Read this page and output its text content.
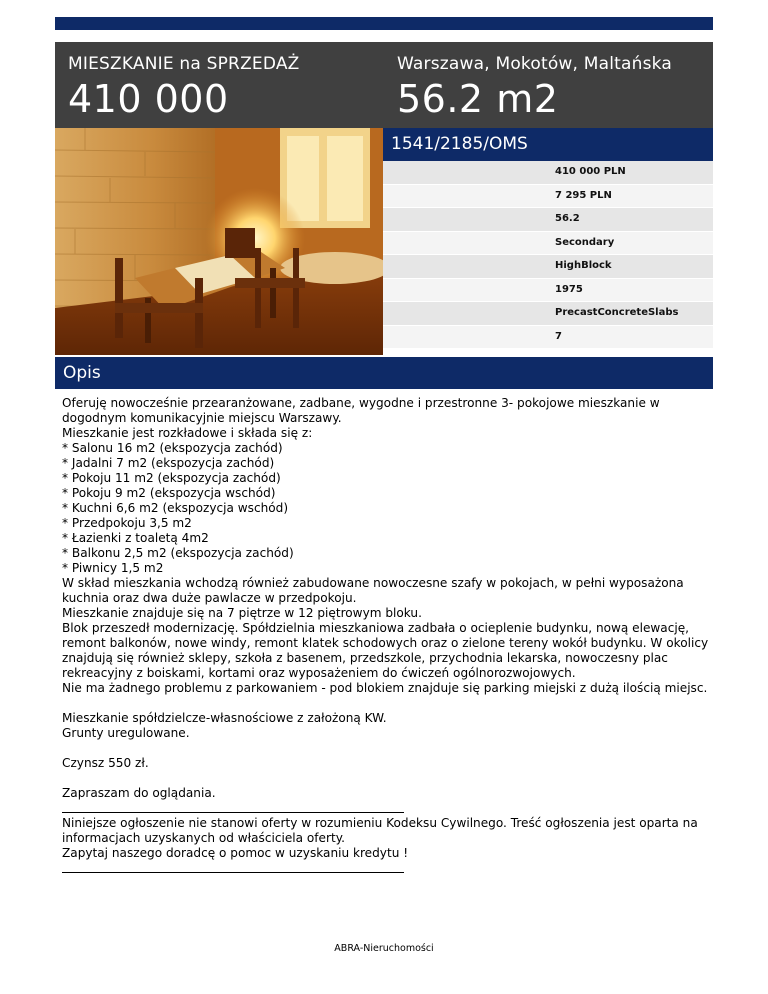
MIESZKANIE na SPRZEDAŻ
410 000
Warszawa, Mokotów, Maltańska
56.2 m2
1541/2185/OMS
410 000 PLN
7 295 PLN
56.2
Secondary
HighBlock
1975
PrecastConcreteSlabs
7
Opis

Oferuję nowocześnie przearanżowane, zadbane, wygodne i przestronne 3- pokojowe mieszkanie w dogodnym komunikacyjnie miejscu Warszawy.

Mieszkanie jest rozkładowe i składa się z:

* Salonu 16 m2 (ekspozycja zachód)

* Jadalni 7 m2 (ekspozycja zachód)

* Pokoju 11 m2 (ekspozycja zachód)

* Pokoju 9 m2 (ekspozycja wschód)

* Kuchni 6,6 m2 (ekspozycja wschód)

* Przedpokoju 3,5 m2

* Łazienki z toaletą 4m2

* Balkonu 2,5 m2 (ekspozycja zachód)

* Piwnicy 1,5 m2

W skład mieszkania wchodzą również zabudowane nowoczesne szafy w pokojach, w pełni wyposażona kuchnia oraz dwa duże pawlacze w przedpokoju.

Mieszkanie znajduje się na 7 piętrze w 12 piętrowym bloku.

Blok przeszedł modernizację. Spółdzielnia mieszkaniowa zadbała o ocieplenie budynku, nową elewację, remont balkonów, nowe windy, remont klatek schodowych oraz o zielone tereny wokół budynku. W okolicy znajdują się również sklepy, szkoła z basenem, przedszkole, przychodnia lekarska, nowoczesny plac rekreacyjny z boiskami, kortami oraz wyposażeniem do ćwiczeń ogólnorozwojowych.

Nie ma żadnego problemu z parkowaniem - pod blokiem znajduje się parking miejski z dużą ilością miejsc.

Mieszkanie spółdzielcze-własnościowe z założoną KW.

Grunty uregulowane.

Czynsz 550 zł.

Zapraszam do oglądania.

Niniejsze ogłoszenie nie stanowi oferty w rozumieniu Kodeksu Cywilnego. Treść ogłoszenia jest oparta na informacjach uzyskanych od właściciela oferty.

Zapytaj naszego doradcę o pomoc w uzyskaniu kredytu !

ABRA-Nieruchomości
